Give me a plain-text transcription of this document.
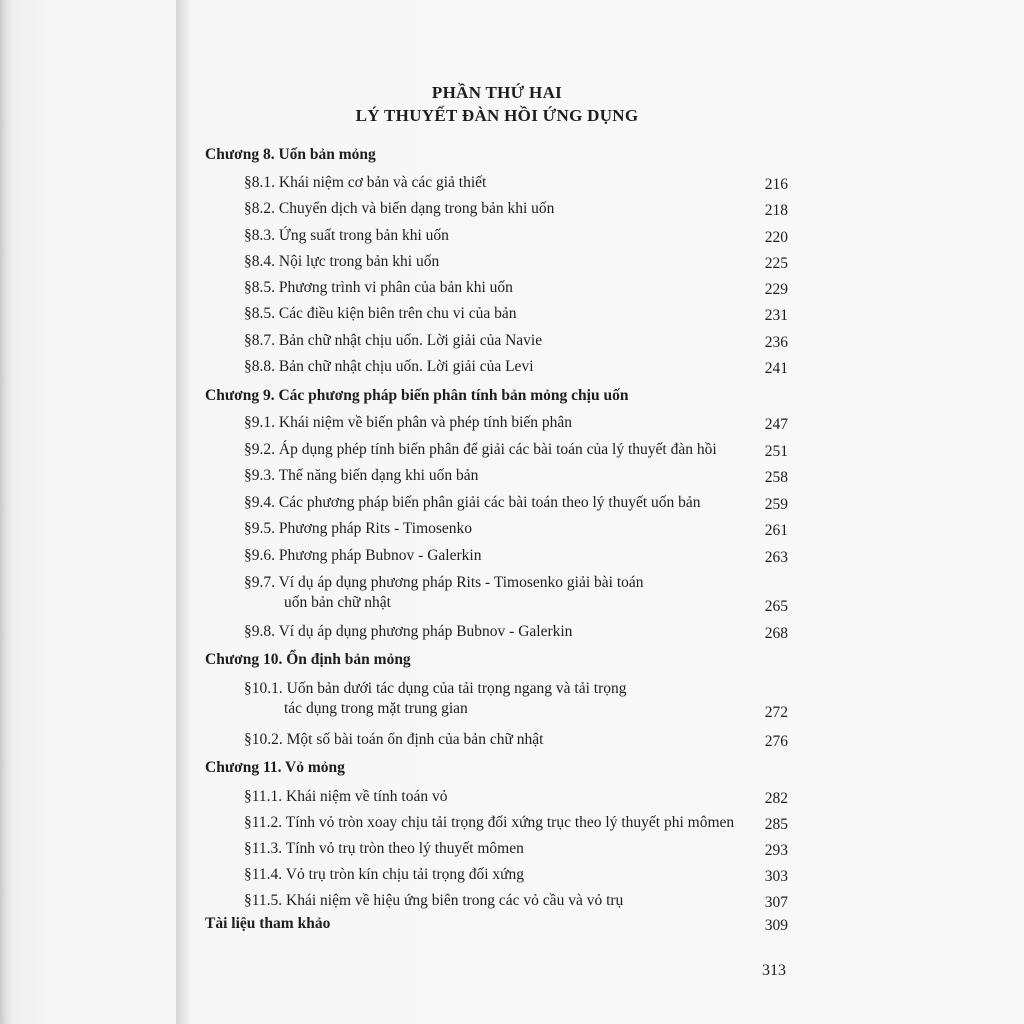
PHẦN THỨ HAI
LÝ THUYẾT ĐÀN HỒI ỨNG DỤNG
Chương 8. Uốn bản mỏng
§8.1. Khái niệm cơ bản và các giả thiết	216
§8.2. Chuyển dịch và biến dạng trong bản khi uốn	218
§8.3. Ứng suất trong bản khi uốn	220
§8.4. Nội lực trong bản khi uốn	225
§8.5. Phương trình vi phân của bản khi uốn	229
§8.5. Các điều kiện biên trên chu vi của bản	231
§8.7. Bản chữ nhật chịu uốn. Lời giải của Navie	236
§8.8. Bản chữ nhật chịu uốn. Lời giải của Levi	241
Chương 9. Các phương pháp biến phân tính bản mỏng chịu uốn
§9.1. Khái niệm về biến phân và phép tính biến phân	247
§9.2. Áp dụng phép tính biến phân để giải các bài toán của lý thuyết đàn hồi	251
§9.3. Thế năng biến dạng khi uốn bản	258
§9.4. Các phương pháp biến phân giải các bài toán theo lý thuyết uốn bản	259
§9.5. Phương pháp Rits - Timosenko	261
§9.6. Phương pháp Bubnov - Galerkin	263
§9.7. Ví dụ áp dụng phương pháp Rits - Timosenko giải bài toán
uốn bản chữ nhật	265
§9.8. Ví dụ áp dụng phương pháp Bubnov - Galerkin	268
Chương 10. Ổn định bản mỏng
§10.1. Uốn bản dưới tác dụng của tải trọng ngang và tải trọng
tác dụng trong mặt trung gian	272
§10.2. Một số bài toán ổn định của bản chữ nhật	276
Chương 11. Vỏ mỏng
§11.1. Khái niệm về tính toán vỏ	282
§11.2. Tính vỏ tròn xoay chịu tải trọng đối xứng trục theo lý thuyết phi mômen	285
§11.3. Tính vỏ trụ tròn theo lý thuyết mômen	293
§11.4. Vỏ trụ tròn kín chịu tải trọng đối xứng	303
§11.5. Khái niệm về hiệu ứng biên trong các vỏ cầu và vỏ trụ	307
Tài liệu tham khảo	309
313
